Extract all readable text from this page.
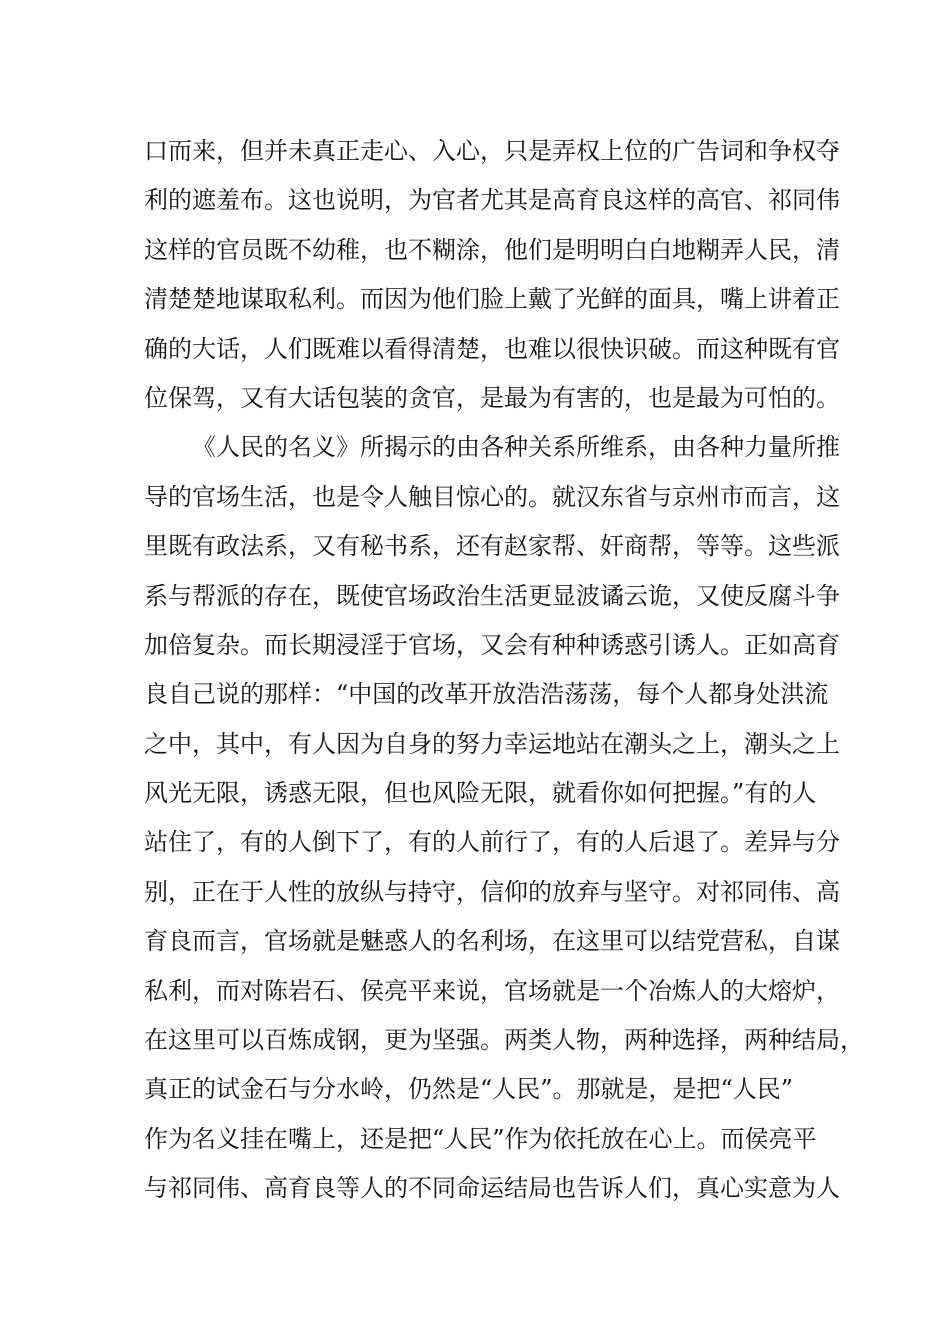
口而来，但并未真正走心、入心，只是弄权上位的广告词和争权夺
利的遮羞布。这也说明，为官者尤其是高育良这样的高官、祁同伟
这样的官员既不幼稚，也不糊涂，他们是明明白白地糊弄人民，清
清楚楚地谋取私利。而因为他们脸上戴了光鲜的面具，嘴上讲着正
确的大话，人们既难以看得清楚，也难以很快识破。而这种既有官
位保驾，又有大话包装的贪官，是最为有害的，也是最为可怕的。
《人民的名义》所揭示的由各种关系所维系，由各种力量所推
导的官场生活，也是令人触目惊心的。就汉东省与京州市而言，这
里既有政法系，又有秘书系，还有赵家帮、奸商帮，等等。这些派
系与帮派的存在，既使官场政治生活更显波谲云诡，又使反腐斗争
加倍复杂。而长期浸淫于官场，又会有种种诱惑引诱人。正如高育
良自己说的那样：“中国的改革开放浩浩荡荡，每个人都身处洪流
之中，其中，有人因为自身的努力幸运地站在潮头之上，潮头之上
风光无限，诱惑无限，但也风险无限，就看你如何把握。”有的人
站住了，有的人倒下了，有的人前行了，有的人后退了。差异与分
别，正在于人性的放纵与持守，信仰的放弃与坚守。对祁同伟、高
育良而言，官场就是魅惑人的名利场，在这里可以结党营私，自谋
私利，而对陈岩石、侯亮平来说，官场就是一个冶炼人的大熔炉，
在这里可以百炼成钢，更为坚强。两类人物，两种选择，两种结局，
真正的试金石与分水岭，仍然是“人民”。那就是，是把“人民”
作为名义挂在嘴上，还是把“人民”作为依托放在心上。而侯亮平
与祁同伟、高育良等人的不同命运结局也告诉人们，真心实意为人
